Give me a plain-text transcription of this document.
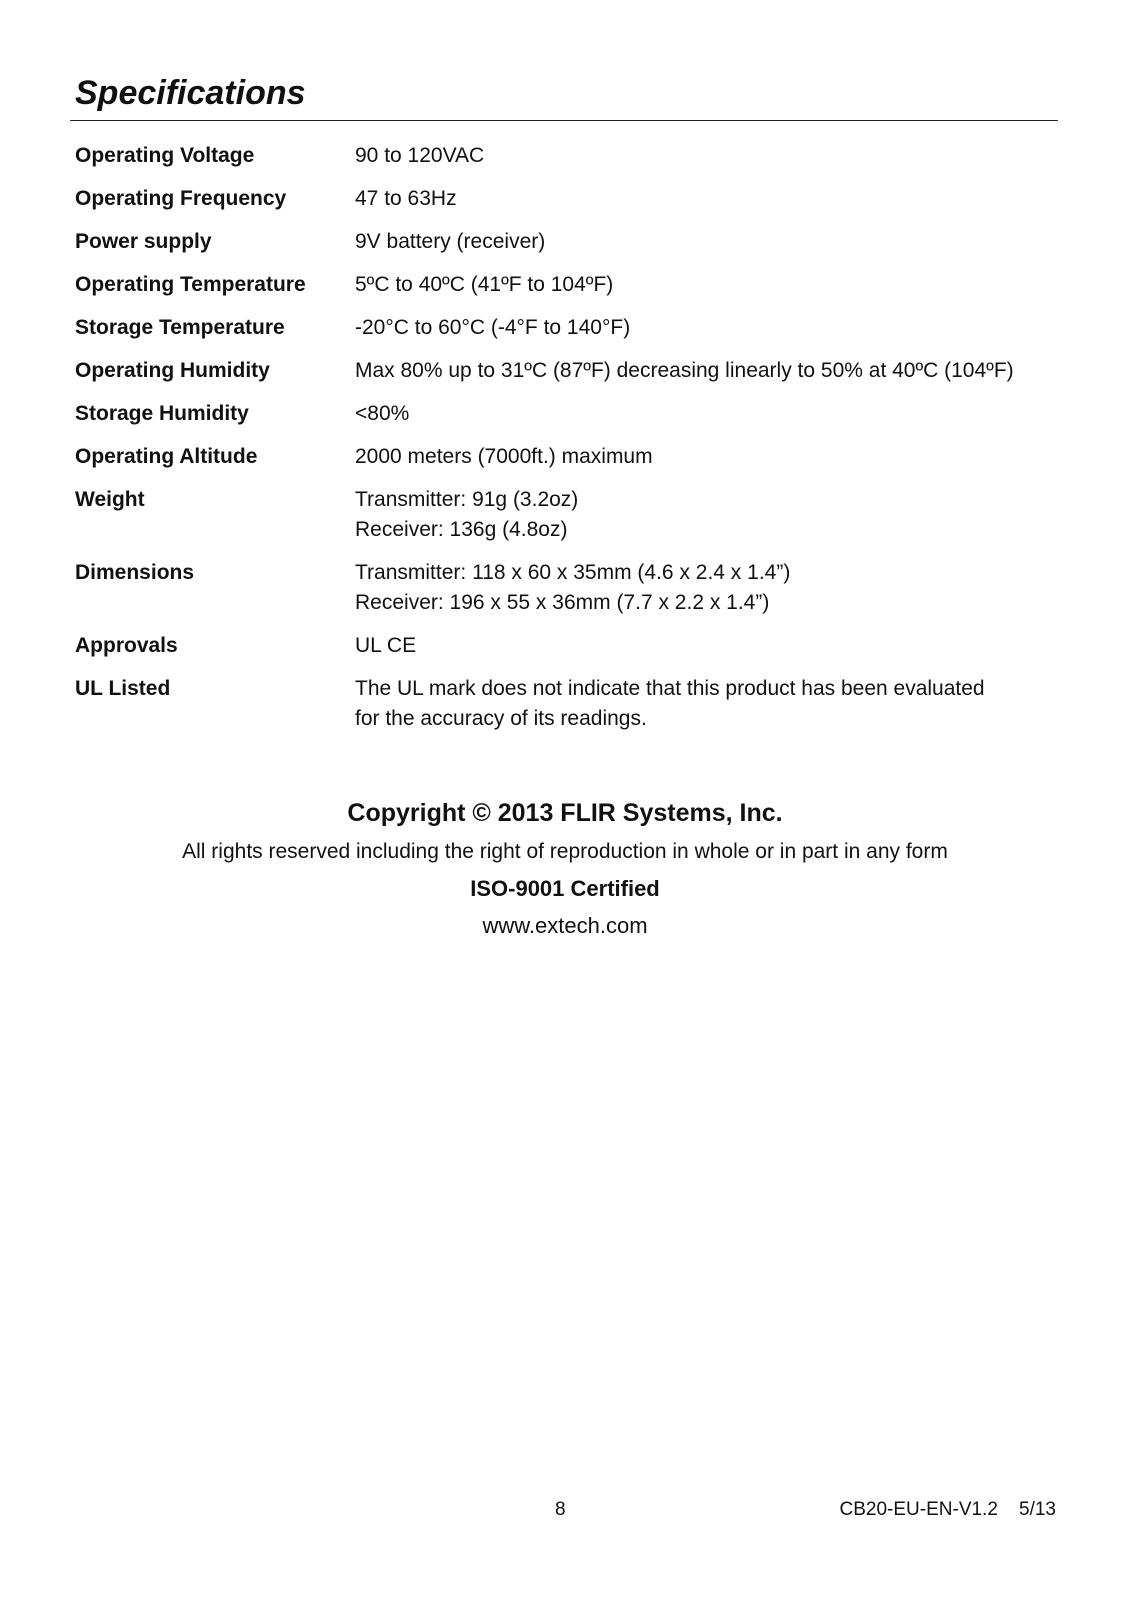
Specifications
Operating Voltage	90 to 120VAC
Operating Frequency	47 to 63Hz
Power supply	9V battery (receiver)
Operating Temperature	5ºC to 40ºC (41ºF to 104ºF)
Storage Temperature	-20°C to 60°C (-4°F to 140°F)
Operating Humidity	Max 80% up to 31ºC (87ºF) decreasing linearly to 50% at 40ºC (104ºF)
Storage Humidity	<80%
Operating Altitude	2000 meters (7000ft.) maximum
Weight	Transmitter: 91g (3.2oz)
Receiver: 136g (4.8oz)
Dimensions	Transmitter: 118 x 60 x 35mm (4.6 x 2.4 x 1.4”)
Receiver: 196 x 55 x 36mm (7.7 x 2.2 x 1.4”)
Approvals	UL CE
UL Listed	The UL mark does not indicate that this product has been evaluated
for the accuracy of its readings.
Copyright © 2013 FLIR Systems, Inc.
All rights reserved including the right of reproduction in whole or in part in any form
ISO-9001 Certified
www.extech.com
8	CB20-EU-EN-V1.2    5/13
